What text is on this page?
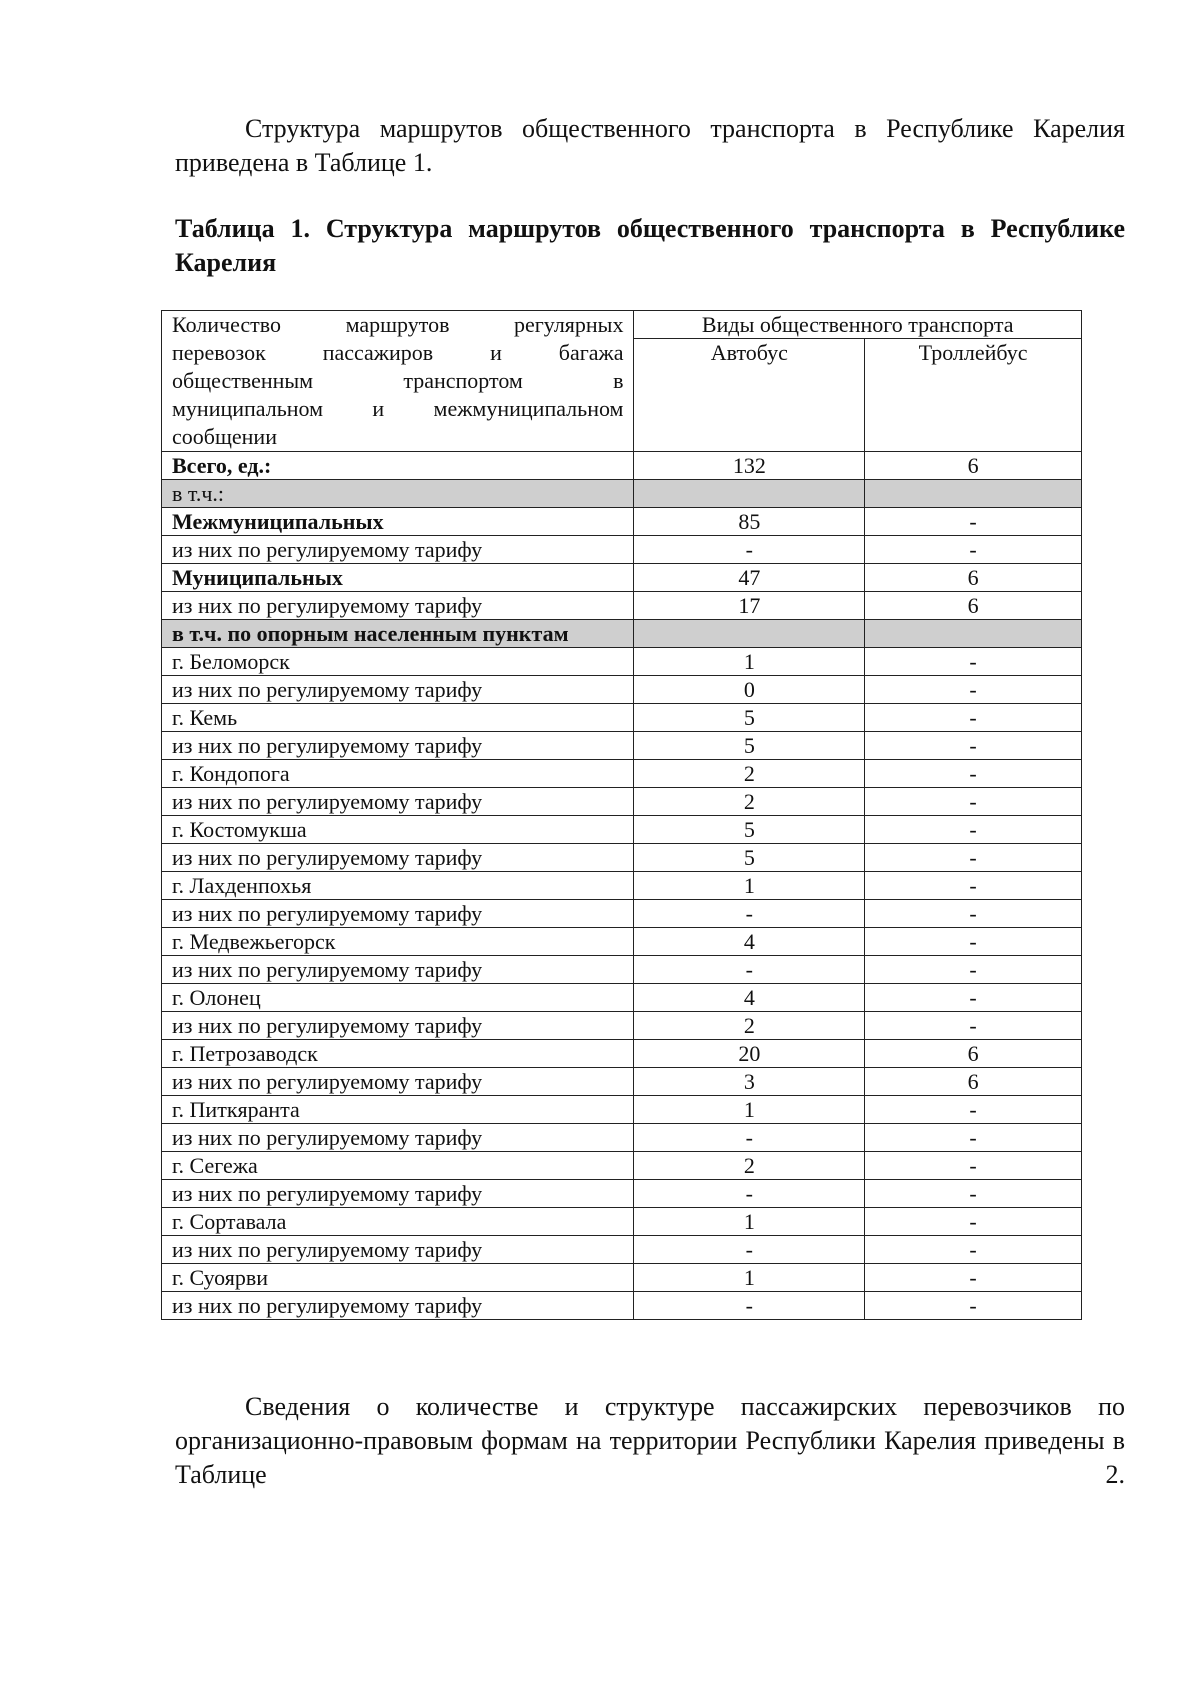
Структура маршрутов общественного транспорта в Республике Карелия приведена в Таблице 1.

Таблица 1. Структура маршрутов общественного транспорта в Республике Карелия

Количество маршрутов регулярных
перевозок пассажиров и багажа
общественным транспортом в
муниципальном и межмуниципальном
сообщении	Виды общественного транспорта	
	Автобус	Троллейбус
Всего, ед.:	132	6
в т.ч.:		
Межмуниципальных	85	-
из них по регулируемому тарифу	-	-
Муниципальных	47	6
из них по регулируемому тарифу	17	6
в т.ч. по опорным населенным пунктам		
г. Беломорск	1	-
из них по регулируемому тарифу	0	-
г. Кемь	5	-
из них по регулируемому тарифу	5	-
г. Кондопога	2	-
из них по регулируемому тарифу	2	-
г. Костомукша	5	-
из них по регулируемому тарифу	5	-
г. Лахденпохья	1	-
из них по регулируемому тарифу	-	-
г. Медвежьегорск	4	-
из них по регулируемому тарифу	-	-
г. Олонец	4	-
из них по регулируемому тарифу	2	-
г. Петрозаводск	20	6
из них по регулируемому тарифу	3	6
г. Питкяранта	1	-
из них по регулируемому тарифу	-	-
г. Сегежа	2	-
из них по регулируемому тарифу	-	-
г. Сортавала	1	-
из них по регулируемому тарифу	-	-
г. Суоярви	1	-
из них по регулируемому тарифу	-	-

Сведения о количестве и структуре пассажирских перевозчиков по организационно-правовым формам на территории Республики Карелия приведены в Таблице 2.
